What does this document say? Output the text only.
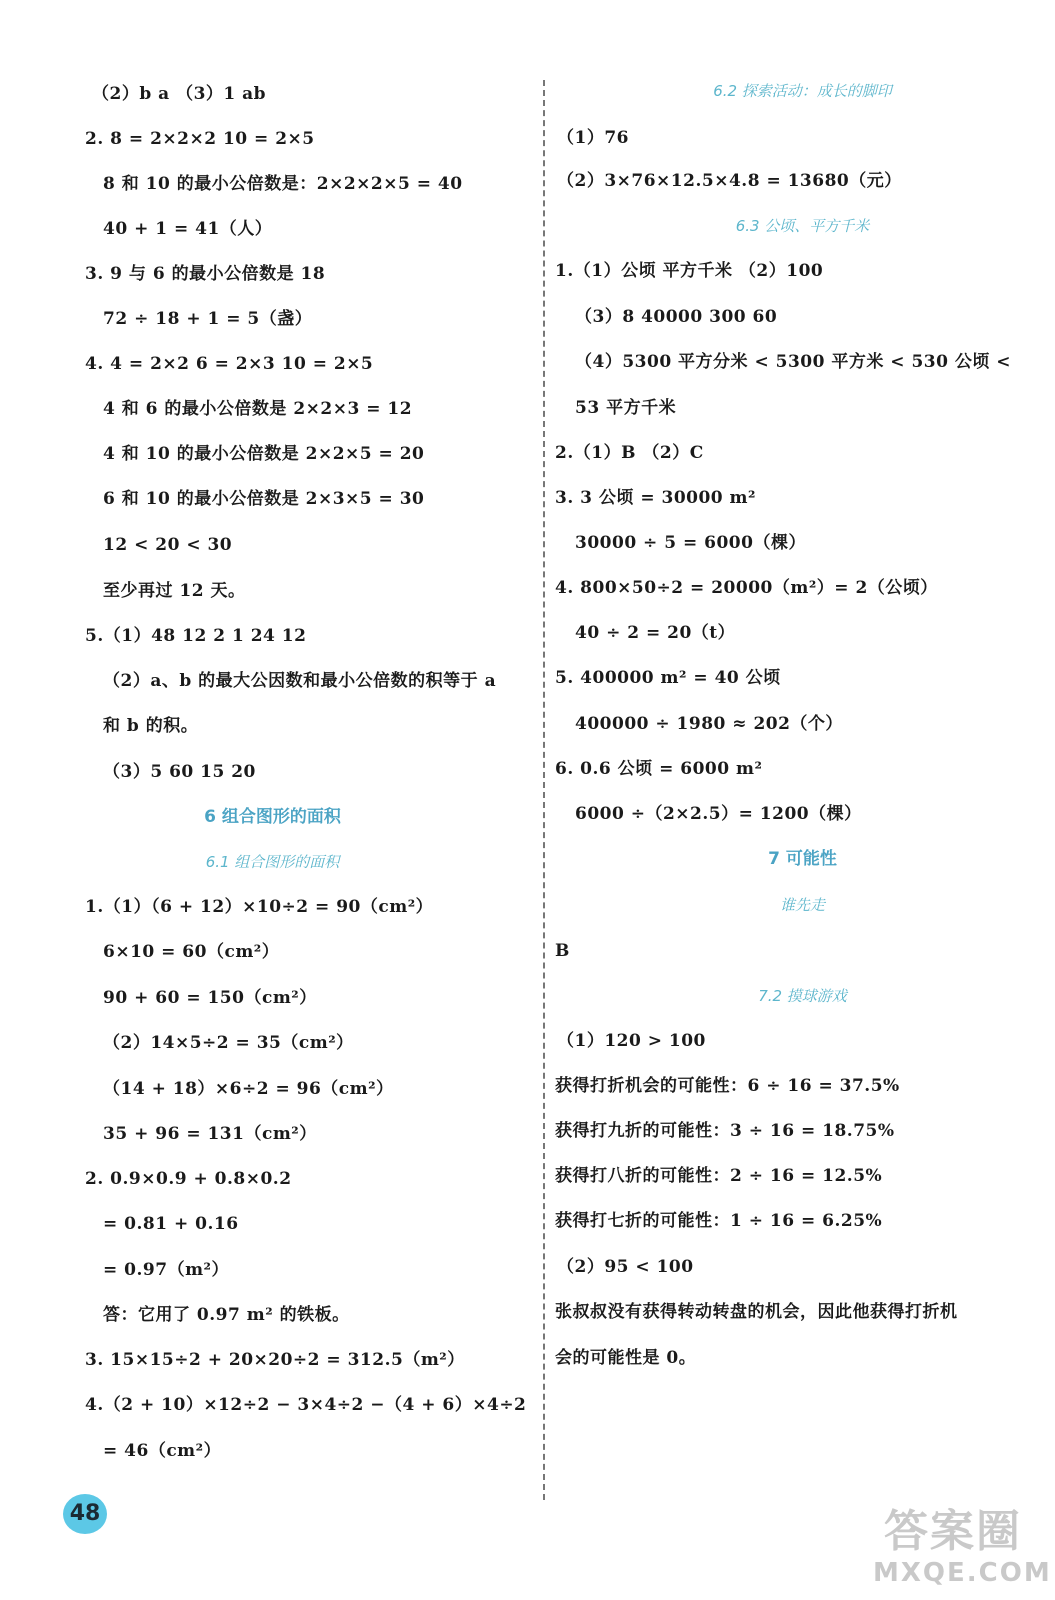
（2）b a （3）1 ab
2. 8 = 2×2×2 10 = 2×5
8 和 10 的最小公倍数是：2×2×2×5 = 40
40 + 1 = 41（人）
3. 9 与 6 的最小公倍数是 18
72 ÷ 18 + 1 = 5（盏）
4. 4 = 2×2 6 = 2×3 10 = 2×5
4 和 6 的最小公倍数是 2×2×3 = 12
4 和 10 的最小公倍数是 2×2×5 = 20
6 和 10 的最小公倍数是 2×3×5 = 30
12 < 20 < 30
至少再过 12 天。
5.（1）48 12 2 1 24 12
（2）a、b 的最大公因数和最小公倍数的积等于 a
和 b 的积。
（3）5 60 15 20
6 组合图形的面积
6.1 组合图形的面积
1.（1）（6 + 12）×10÷2 = 90（cm²）
6×10 = 60（cm²）
90 + 60 = 150（cm²）
（2）14×5÷2 = 35（cm²）
（14 + 18）×6÷2 = 96（cm²）
35 + 96 = 131（cm²）
2. 0.9×0.9 + 0.8×0.2
= 0.81 + 0.16
= 0.97（m²）
答：它用了 0.97 m² 的铁板。
3. 15×15÷2 + 20×20÷2 = 312.5（m²）
4.（2 + 10）×12÷2 − 3×4÷2 −（4 + 6）×4÷2
= 46（cm²）
6.2 探索活动：成长的脚印
（1）76
（2）3×76×12.5×4.8 = 13680（元）
6.3 公顷、平方千米
1.（1）公顷 平方千米 （2）100
（3）8 40000 300 60
（4）5300 平方分米 < 5300 平方米 < 530 公顷 <
53 平方千米
2.（1）B （2）C
3. 3 公顷 = 30000 m²
30000 ÷ 5 = 6000（棵）
4. 800×50÷2 = 20000（m²）= 2（公顷）
40 ÷ 2 = 20（t）
5. 400000 m² = 40 公顷
400000 ÷ 1980 ≈ 202（个）
6. 0.6 公顷 = 6000 m²
6000 ÷（2×2.5）= 1200（棵）
7 可能性
谁先走
B
7.2 摸球游戏
（1）120 > 100
获得打折机会的可能性：6 ÷ 16 = 37.5%
获得打九折的可能性：3 ÷ 16 = 18.75%
获得打八折的可能性：2 ÷ 16 = 12.5%
获得打七折的可能性：1 ÷ 16 = 6.25%
（2）95 < 100
张叔叔没有获得转动转盘的机会，因此他获得打折机
会的可能性是 0。
48	答案圈
MXQE.COM
